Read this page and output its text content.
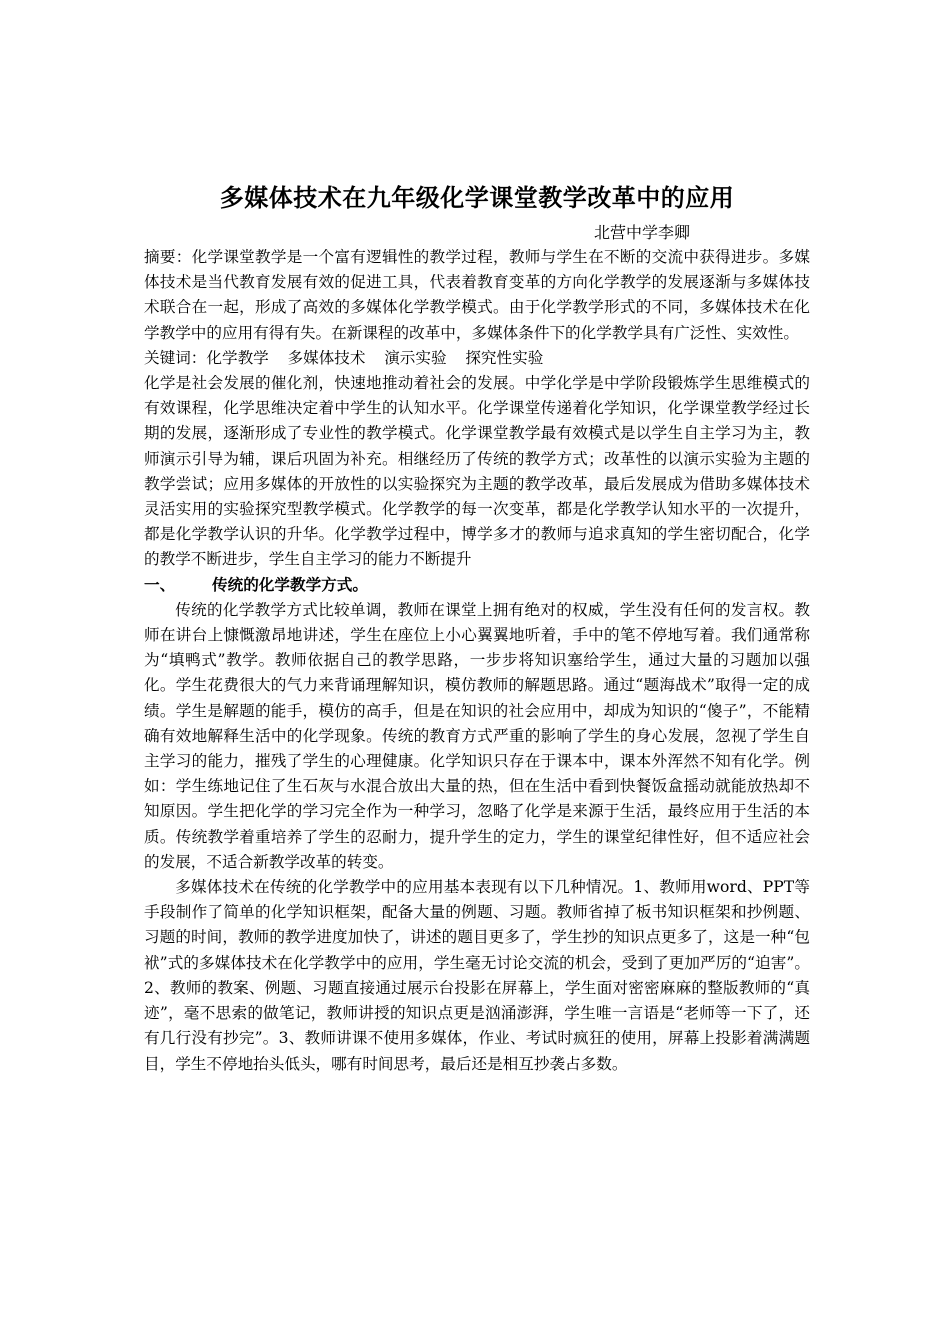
多媒体技术在九年级化学课堂教学改革中的应用

北营中学李卿

摘要：化学课堂教学是一个富有逻辑性的教学过程，教师与学生在不断的交流中获得进步。多媒体技术是当代教育发展有效的促进工具，代表着教育变革的方向化学教学的发展逐渐与多媒体技术联合在一起，形成了高效的多媒体化学教学模式。由于化学教学形式的不同，多媒体技术在化学教学中的应用有得有失。在新课程的改革中，多媒体条件下的化学教学具有广泛性、实效性。

关键词：化学教学 多媒体技术 演示实验 探究性实验

化学是社会发展的催化剂，快速地推动着社会的发展。中学化学是中学阶段锻炼学生思维模式的有效课程，化学思维决定着中学生的认知水平。化学课堂传递着化学知识，化学课堂教学经过长期的发展，逐渐形成了专业性的教学模式。化学课堂教学最有效模式是以学生自主学习为主，教师演示引导为辅，课后巩固为补充。相继经历了传统的教学方式；改革性的以演示实验为主题的教学尝试；应用多媒体的开放性的以实验探究为主题的教学改革，最后发展成为借助多媒体技术灵活实用的实验探究型教学模式。化学教学的每一次变革，都是化学教学认知水平的一次提升，都是化学教学认识的升华。化学教学过程中，博学多才的教师与追求真知的学生密切配合，化学的教学不断进步，学生自主学习的能力不断提升

一、 传统的化学教学方式。

传统的化学教学方式比较单调，教师在课堂上拥有绝对的权威，学生没有任何的发言权。教师在讲台上慷慨激昂地讲述，学生在座位上小心翼翼地听着，手中的笔不停地写着。我们通常称为“填鸭式”教学。教师依据自己的教学思路，一步步将知识塞给学生，通过大量的习题加以强化。学生花费很大的气力来背诵理解知识，模仿教师的解题思路。通过“题海战术”取得一定的成绩。学生是解题的能手，模仿的高手，但是在知识的社会应用中，却成为知识的“傻子”，不能精确有效地解释生活中的化学现象。传统的教育方式严重的影响了学生的身心发展，忽视了学生自主学习的能力，摧残了学生的心理健康。化学知识只存在于课本中，课本外浑然不知有化学。例如：学生练地记住了生石灰与水混合放出大量的热，但在生活中看到快餐饭盒摇动就能放热却不知原因。学生把化学的学习完全作为一种学习，忽略了化学是来源于生活，最终应用于生活的本质。传统教学着重培养了学生的忍耐力，提升学生的定力，学生的课堂纪律性好，但不适应社会的发展，不适合新教学改革的转变。

多媒体技术在传统的化学教学中的应用基本表现有以下几种情况。1、教师用word、PPT等手段制作了简单的化学知识框架，配备大量的例题、习题。教师省掉了板书知识框架和抄例题、习题的时间，教师的教学进度加快了，讲述的题目更多了，学生抄的知识点更多了，这是一种“包袱”式的多媒体技术在化学教学中的应用，学生毫无讨论交流的机会，受到了更加严厉的“迫害”。2、教师的教案、例题、习题直接通过展示台投影在屏幕上，学生面对密密麻麻的整版教师的“真迹”，毫不思索的做笔记，教师讲授的知识点更是汹涌澎湃，学生唯一言语是“老师等一下了，还有几行没有抄完”。3、教师讲课不使用多媒体，作业、考试时疯狂的使用，屏幕上投影着满满题目，学生不停地抬头低头，哪有时间思考，最后还是相互抄袭占多数。
